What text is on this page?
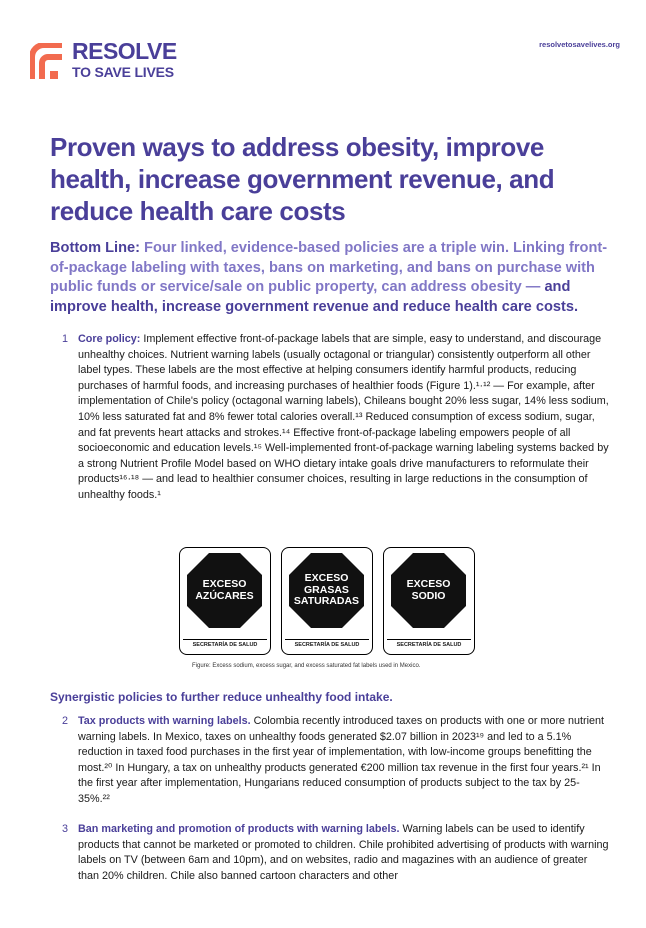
RESOLVE
TO SAVE LIVES
resolvetosavelives.org
Proven ways to address obesity, improve health, increase government revenue, and reduce health care costs

Bottom Line: Four linked, evidence-based policies are a triple win. Linking front-of-package labeling with taxes, bans on marketing, and bans on purchase with public funds or service/sale on public property, can address obesity — and improve health, increase government revenue and reduce health care costs.

1 Core policy: Implement effective front-of-package labels that are simple, easy to understand, and discourage unhealthy choices. Nutrient warning labels (usually octagonal or triangular) consistently outperform all other label types. These labels are the most effective at helping consumers identify harmful products, reducing purchases of harmful foods, and increasing purchases of healthier foods (Figure 1).¹·¹² — For example, after implementation of Chile's policy (octagonal warning labels), Chileans bought 20% less sugar, 14% less sodium, 10% less saturated fat and 8% fewer total calories overall.¹³ Reduced consumption of excess sodium, sugar, and fat prevents heart attacks and strokes.¹⁴ Effective front-of-package labeling empowers people of all socioeconomic and education levels.¹⁵ Well-implemented front-of-package warning labeling systems backed by a strong Nutrient Profile Model based on WHO dietary intake goals drive manufacturers to reformulate their products¹⁶·¹⁸ — and lead to healthier consumer choices, resulting in large reductions in the consumption of unhealthy foods.¹

EXCESO
AZÚCARES
SECRETARÍA DE SALUD
EXCESO
GRASAS
SATURADAS
SECRETARÍA DE SALUD
EXCESO
SODIO
SECRETARÍA DE SALUD
Figure: Excess sodium, excess sugar, and excess saturated fat labels used in Mexico.
Synergistic policies to further reduce unhealthy food intake.
2 Tax products with warning labels. Colombia recently introduced taxes on products with one or more nutrient warning labels. In Mexico, taxes on unhealthy foods generated $2.07 billion in 2023¹⁹ and led to a 5.1% reduction in taxed food purchases in the first year of implementation, with low-income groups benefitting the most.²⁰ In Hungary, a tax on unhealthy products generated €200 million tax revenue in the first four years.²¹ In the first year after implementation, Hungarians reduced consumption of products subject to the tax by 25-35%.²²

3 Ban marketing and promotion of products with warning labels. Warning labels can be used to identify products that cannot be marketed or promoted to children. Chile prohibited advertising of products with warning labels on TV (between 6am and 10pm), and on websites, radio and magazines with an audience of greater than 20% children. Chile also banned cartoon characters and other
